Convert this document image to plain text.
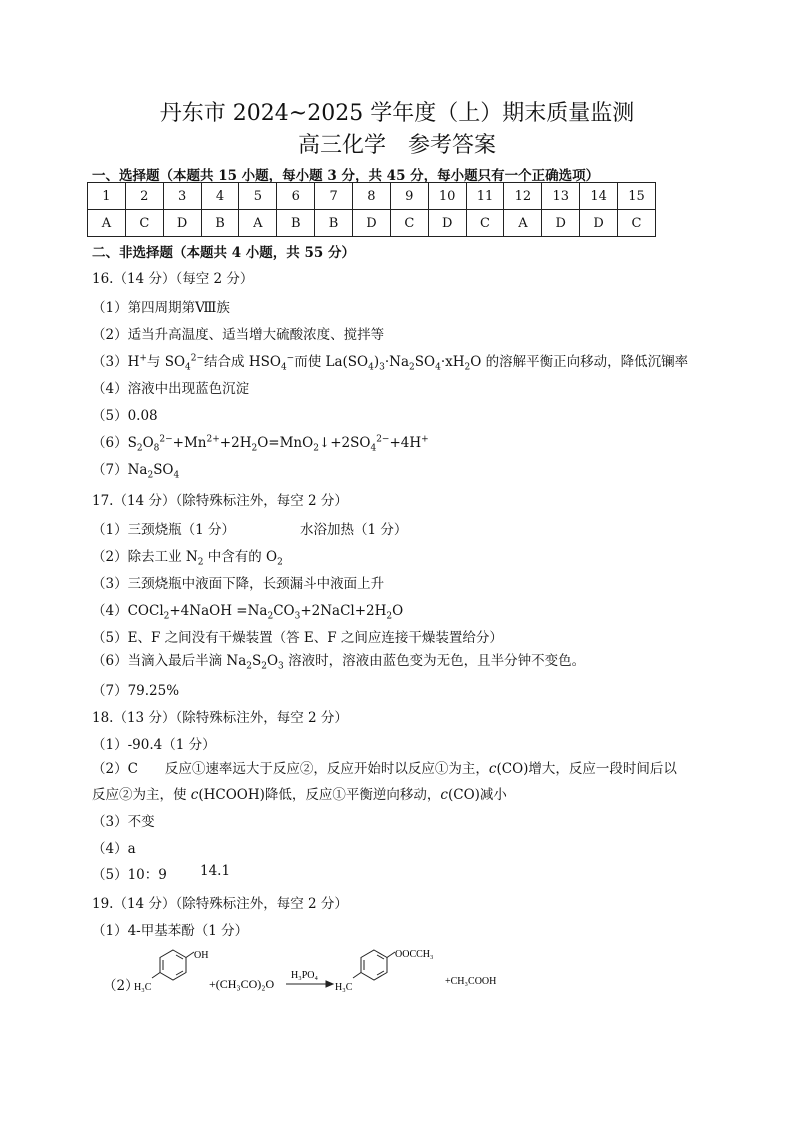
丹东市 2024~2025 学年度（上）期末质量监测
高三化学　参考答案
一、选择题（本题共 15 小题，每小题 3 分，共 45 分，每小题只有一个正确选项）
1	2	3	4	5	6	7	8	9	10	11	12	13	14	15
A	C	D	B	A	B	B	D	C	D	C	A	D	D	C
二、非选择题（本题共 4 小题，共 55 分）
16.（14 分）（每空 2 分）
（1）第四周期第Ⅷ族
（2）适当升高温度、适当增大硫酸浓度、搅拌等
（3）H+与 $SO_4^{2-}$结合成 $HSO_4^-$而使 $La(SO_4)_3\cdot Na_2SO_4\cdot xH_2O$ 的溶解平衡正向移动，降低沉镧率
（4）溶液中出现蓝色沉淀
（5）0.08
$(6)S_2O_8^{2-}+Mn^{2+}+2H_2O=MnO_2↓+2SO_4^{2-}+4H^+$
$(7)Na_2SO_4$
17.（14 分）（除特殊标注外，每空 2 分）
（1）三颈烧瓶（1 分）	水浴加热（1 分）
（2）除去工业 $N_2$ 中含有的 $O_2$
（3）三颈烧瓶中液面下降，长颈漏斗中液面上升
（4）COCl$_2$+4NaOH $=Na_2CO_3+2NaCl+2H_2O$
（5）E、F 之间没有干燥装置（答 E、F 之间应连接干燥装置给分）
（6）当滴入最后半滴 $Na_2S_2O_3$ 溶液时，溶液由蓝色变为无色，且半分钟不变色。
（7）79.25%
18.（13 分）（除特殊标注外，每空 2 分）
（1）-90.4（1 分）
（2）C　　反应①速率远大于反应②，反应开始时以反应①为主，c(CO)增大，反应一段时间后以
反应②为主，使 c(HCOOH)降低，反应①平衡逆向移动，c(CO)减小
（3）不变
（4）a
（5）10：9 14.1
19.（14 分）（除特殊标注外，每空 2 分）
（1）4-甲基苯酚（1 分）
（2）
OH
H₃C	+(CH₃CO)₂O
H₃PO₄
OOCCH₃
H₃C
+CH₃COOH
